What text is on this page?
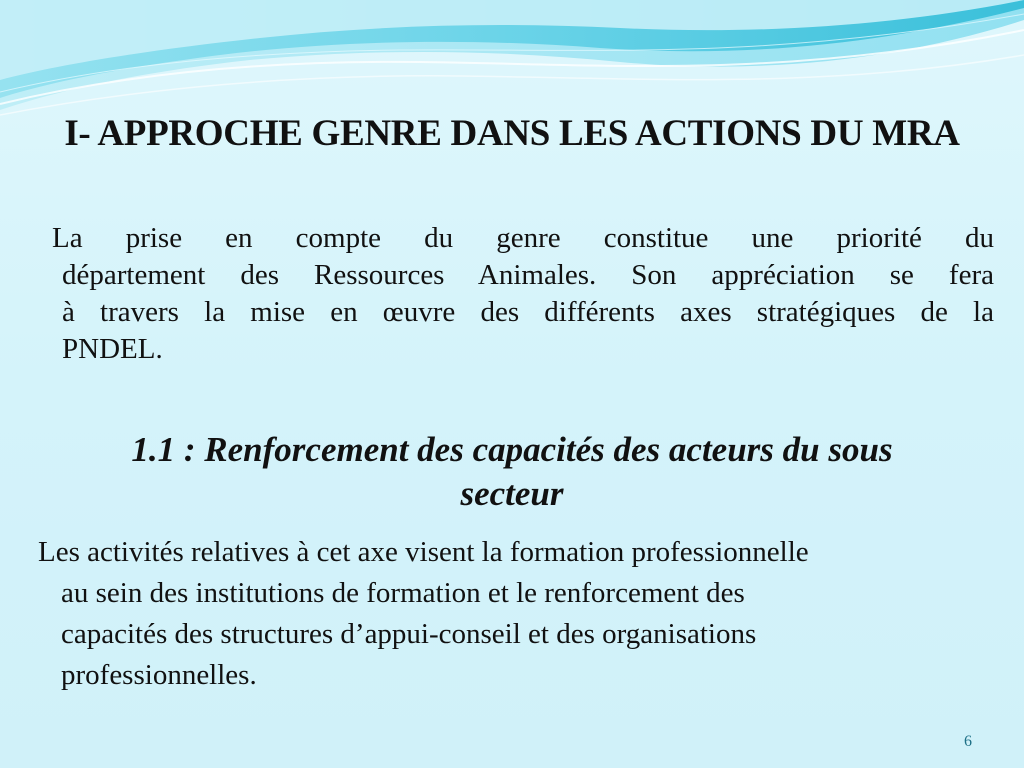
I- APPROCHE GENRE DANS LES ACTIONS DU MRA
La prise en compte du genre constitue une priorité du
département des Ressources Animales. Son appréciation se fera
à travers la mise en œuvre des différents axes stratégiques de la
PNDEL.
1.1 : Renforcement des capacités des acteurs du sous
secteur
Les activités relatives à cet axe visent la formation professionnelle
au sein des institutions de formation et le renforcement des
capacités des structures d’appui-conseil et des organisations
professionnelles.
6
